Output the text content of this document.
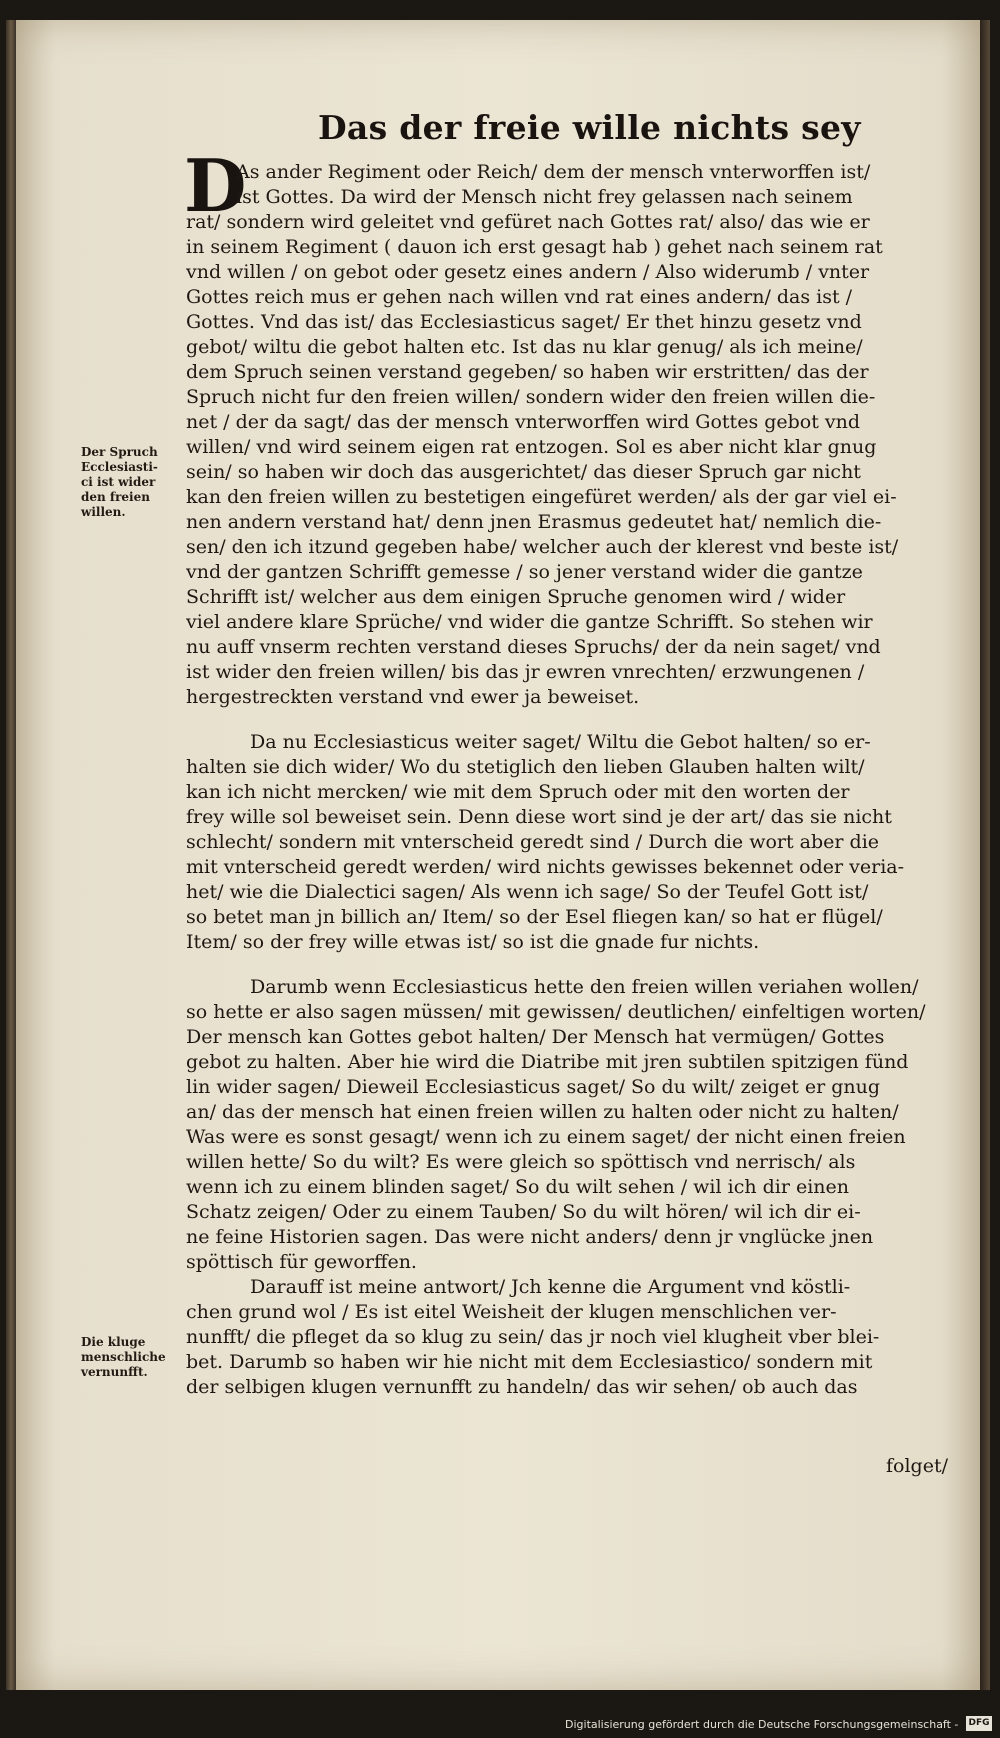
Das der freie wille nichts sey
D
As ander Regiment oder Reich/ dem der mensch vnterworffen ist/
ist Gottes. Da wird der Mensch nicht frey gelassen nach seinem
rat/ sondern wird geleitet vnd gefüret nach Gottes rat/ also/ das wie er
in seinem Regiment ( dauon ich erst gesagt hab ) gehet nach seinem rat
vnd willen / on gebot oder gesetz eines andern / Also widerumb / vnter
Gottes reich mus er gehen nach willen vnd rat eines andern/ das ist /
Gottes. Vnd das ist/ das Ecclesiasticus saget/ Er thet hinzu gesetz vnd
gebot/ wiltu die gebot halten etc. Ist das nu klar genug/ als ich meine/
dem Spruch seinen verstand gegeben/ so haben wir erstritten/ das der
Spruch nicht fur den freien willen/ sondern wider den freien willen die-
net / der da sagt/ das der mensch vnterworffen wird Gottes gebot vnd
willen/ vnd wird seinem eigen rat entzogen. Sol es aber nicht klar gnug
sein/ so haben wir doch das ausgerichtet/ das dieser Spruch gar nicht
kan den freien willen zu bestetigen eingefüret werden/ als der gar viel ei-
nen andern verstand hat/ denn jnen Erasmus gedeutet hat/ nemlich die-
sen/ den ich itzund gegeben habe/ welcher auch der klerest vnd beste ist/
vnd der gantzen Schrifft gemesse / so jener verstand wider die gantze
Schrifft ist/ welcher aus dem einigen Spruche genomen wird / wider
viel andere klare Sprüche/ vnd wider die gantze Schrifft. So stehen wir
nu auff vnserm rechten verstand dieses Spruchs/ der da nein saget/ vnd
ist wider den freien willen/ bis das jr ewren vnrechten/ erzwungenen /
hergestreckten verstand vnd ewer ja beweiset.
Da nu Ecclesiasticus weiter saget/ Wiltu die Gebot halten/ so er-
halten sie dich wider/ Wo du stetiglich den lieben Glauben halten wilt/
kan ich nicht mercken/ wie mit dem Spruch oder mit den worten der
frey wille sol beweiset sein. Denn diese wort sind je der art/ das sie nicht
schlecht/ sondern mit vnterscheid geredt sind / Durch die wort aber die
mit vnterscheid geredt werden/ wird nichts gewisses bekennet oder veria-
het/ wie die Dialectici sagen/ Als wenn ich sage/ So der Teufel Gott ist/
so betet man jn billich an/ Item/ so der Esel fliegen kan/ so hat er flügel/
Item/ so der frey wille etwas ist/ so ist die gnade fur nichts.
Darumb wenn Ecclesiasticus hette den freien willen veriahen wollen/
so hette er also sagen müssen/ mit gewissen/ deutlichen/ einfeltigen worten/
Der mensch kan Gottes gebot halten/ Der Mensch hat vermügen/ Gottes
gebot zu halten. Aber hie wird die Diatribe mit jren subtilen spitzigen fünd
lin wider sagen/ Dieweil Ecclesiasticus saget/ So du wilt/ zeiget er gnug
an/ das der mensch hat einen freien willen zu halten oder nicht zu halten/
Was were es sonst gesagt/ wenn ich zu einem saget/ der nicht einen freien
willen hette/ So du wilt? Es were gleich so spöttisch vnd nerrisch/ als
wenn ich zu einem blinden saget/ So du wilt sehen / wil ich dir einen
Schatz zeigen/ Oder zu einem Tauben/ So du wilt hören/ wil ich dir ei-
ne feine Historien sagen. Das were nicht anders/ denn jr vnglücke jnen
spöttisch für geworffen.
Darauff ist meine antwort/ Jch kenne die Argument vnd köstli-
chen grund wol / Es ist eitel Weisheit der klugen menschlichen ver-
nunfft/ die pfleget da so klug zu sein/ das jr noch viel klugheit vber blei-
bet. Darumb so haben wir hie nicht mit dem Ecclesiastico/ sondern mit
der selbigen klugen vernunfft zu handeln/ das wir sehen/ ob auch das
Der Spruch
Ecclesiasti-
ci ist wider
den freien
willen.
Die kluge
menschliche
vernunfft.
folget/
Digitalisierung gefördert durch die Deutsche Forschungsgemeinschaft - DFG
